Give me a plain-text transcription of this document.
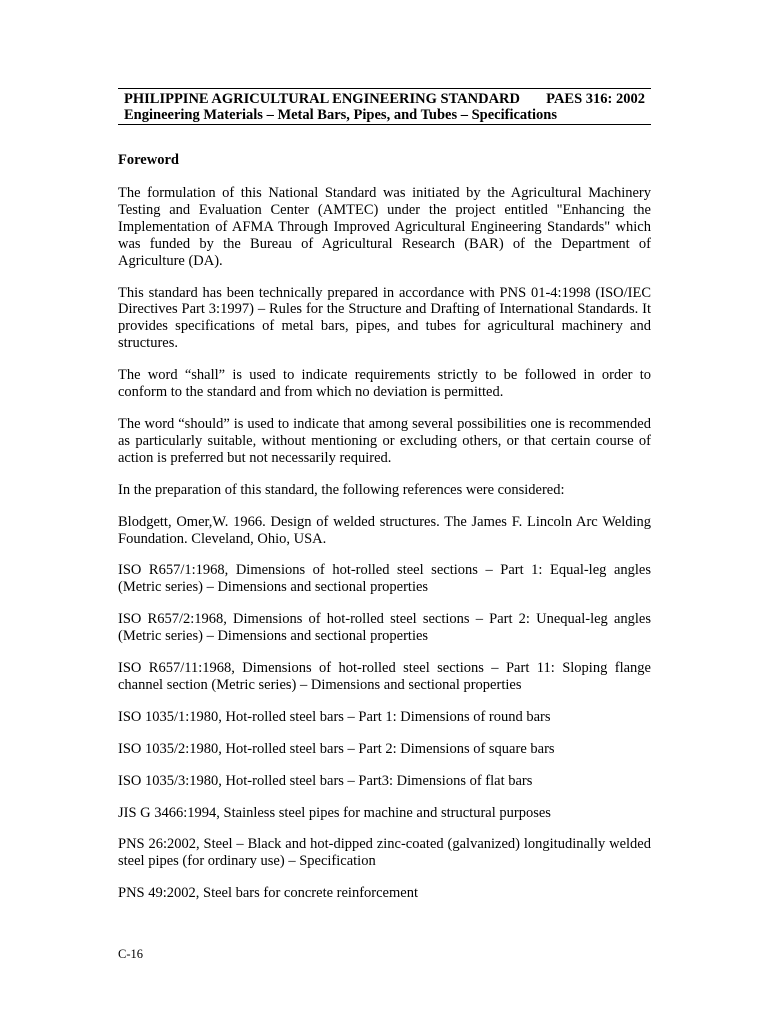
PHILIPPINE AGRICULTURAL ENGINEERING STANDARD PAES 316: 2002
Engineering Materials – Metal Bars, Pipes, and Tubes – Specifications
Foreword

The formulation of this National Standard was initiated by the Agricultural Machinery Testing and Evaluation Center (AMTEC) under the project entitled "Enhancing the Implementation of AFMA Through Improved Agricultural Engineering Standards" which was funded by the Bureau of Agricultural Research (BAR) of the Department of Agriculture (DA).

This standard has been technically prepared in accordance with PNS 01-4:1998 (ISO/IEC Directives Part 3:1997) – Rules for the Structure and Drafting of International Standards. It provides specifications of metal bars, pipes, and tubes for agricultural machinery and structures.

The word “shall” is used to indicate requirements strictly to be followed in order to conform to the standard and from which no deviation is permitted.

The word “should” is used to indicate that among several possibilities one is recommended as particularly suitable, without mentioning or excluding others, or that certain course of action is preferred but not necessarily required.

In the preparation of this standard, the following references were considered:

Blodgett, Omer,W. 1966. Design of welded structures. The James F. Lincoln Arc Welding Foundation. Cleveland, Ohio, USA.

ISO R657/1:1968, Dimensions of hot-rolled steel sections – Part 1: Equal-leg angles (Metric series) – Dimensions and sectional properties

ISO R657/2:1968, Dimensions of hot-rolled steel sections – Part 2: Unequal-leg angles (Metric series) – Dimensions and sectional properties

ISO R657/11:1968, Dimensions of hot-rolled steel sections – Part 11: Sloping flange channel section (Metric series) – Dimensions and sectional properties

ISO 1035/1:1980, Hot-rolled steel bars – Part 1: Dimensions of round bars

ISO 1035/2:1980, Hot-rolled steel bars – Part 2: Dimensions of square bars

ISO 1035/3:1980, Hot-rolled steel bars – Part3: Dimensions of flat bars

JIS G 3466:1994, Stainless steel pipes for machine and structural purposes

PNS 26:2002, Steel – Black and hot-dipped zinc-coated (galvanized) longitudinally welded steel pipes (for ordinary use) – Specification

PNS 49:2002, Steel bars for concrete reinforcement

C-16
